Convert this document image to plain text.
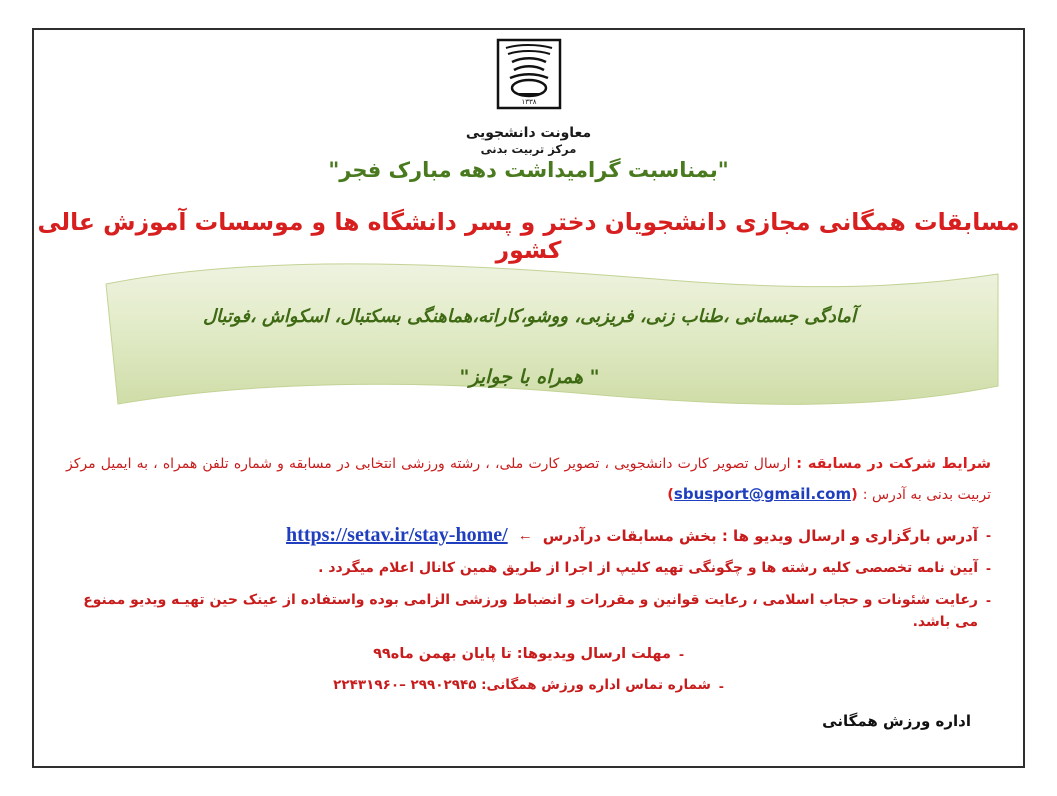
۱۳۳۸
معاونت دانشجویی
مرکز تربیت بدنی
"بمناسبت گرامیداشت دهه مبارک فجر"
مسابقات همگانی مجازی دانشجویان دختر و پسر دانشگاه ها و موسسات آموزش عالی کشور
آمادگی جسمانی ،طناب زنی، فریزبی، ووشو،کاراته،هماهنگی بسکتبال، اسکواش ،فوتبال
" همراه با جوایز"
شرایط شرکت در مسابقه : ارسال تصویر کارت دانشجویی ، تصویر کارت ملی، ، رشته ورزشی انتخابی در مسابقه و شماره تلفن همراه ، به ایمیل مرکز تربیت بدنی به آدرس : (sbusport@gmail.com)
-
آدرس بارگزاری و ارسال ویدیو ها : بخش مسابقات درآدرس
←
https://setav.ir/stay-home/
-
آیین نامه تخصصی کلیه رشته ها و چگونگی تهیه کلیپ از اجرا از طریق همین کانال اعلام میگردد .
-
رعایت شئونات و حجاب اسلامی ، رعایت قوانین و مقررات و انضباط ورزشی الزامی بوده واستفاده از عینک حین تهیـه ویدیو ممنوع می باشد.
-
مهلت ارسال ویدیوها: تا پایان بهمن ماه۹۹
-
شماره تماس اداره ورزش همگانی: ۲۹۹۰۲۹۴۵ –۲۲۴۳۱۹۶۰
اداره ورزش همگانی
